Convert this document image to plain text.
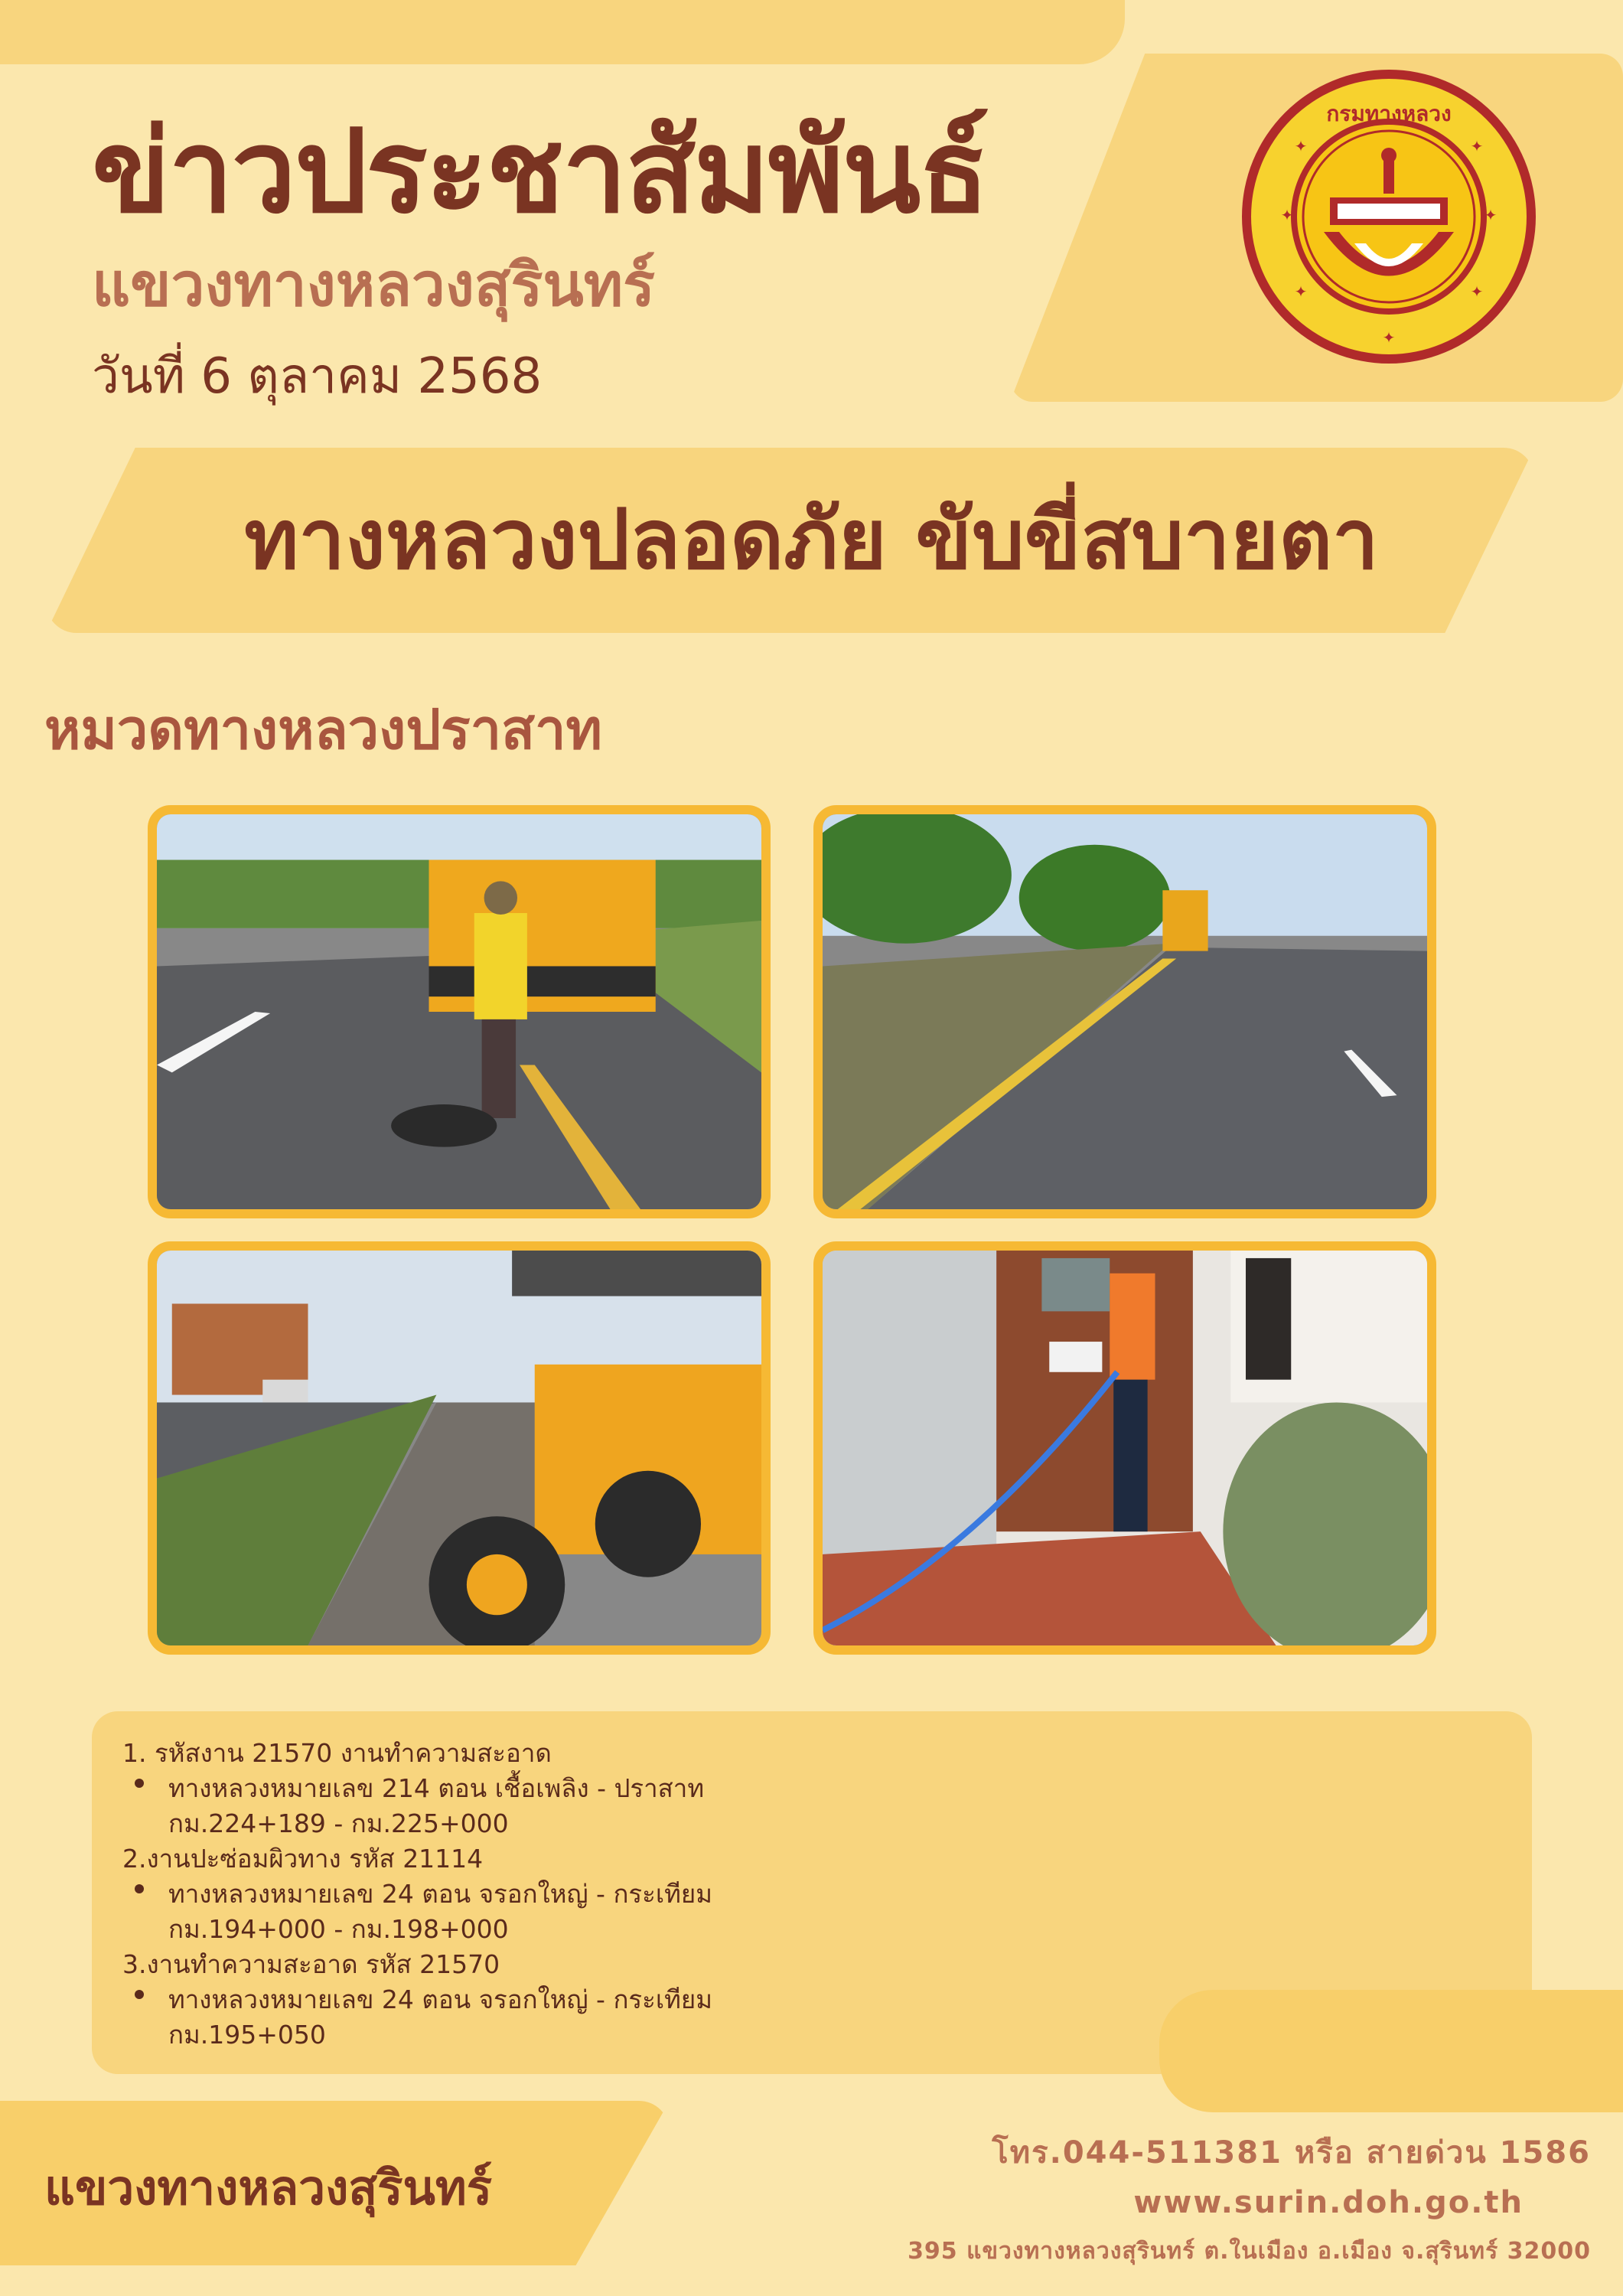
ข่าวประชาสัมพันธ์
แขวงทางหลวงสุรินทร์
วันที่ 6 ตุลาคม 2568
กรมทางหลวง
✦	✦
✦
✦	✦
✦	✦
ทางหลวงปลอดภัย ขับขี่สบายตา
หมวดทางหลวงปราสาท
1. รหัสงาน 21570 งานทำความสะอาด
ทางหลวงหมายเลข 214 ตอน เชื้อเพลิง - ปราสาท
กม.224+189 - กม.225+000
2.งานปะซ่อมผิวทาง รหัส 21114
ทางหลวงหมายเลข 24 ตอน จรอกใหญ่ - กระเทียม
กม.194+000 - กม.198+000
3.งานทำความสะอาด รหัส 21570
ทางหลวงหมายเลข 24 ตอน จรอกใหญ่ - กระเทียม
กม.195+050
แขวงทางหลวงสุรินทร์
โทร.044-511381 หรือ สายด่วน 1586
www.surin.doh.go.th
395 แขวงทางหลวงสุรินทร์ ต.ในเมือง อ.เมือง จ.สุรินทร์ 32000
